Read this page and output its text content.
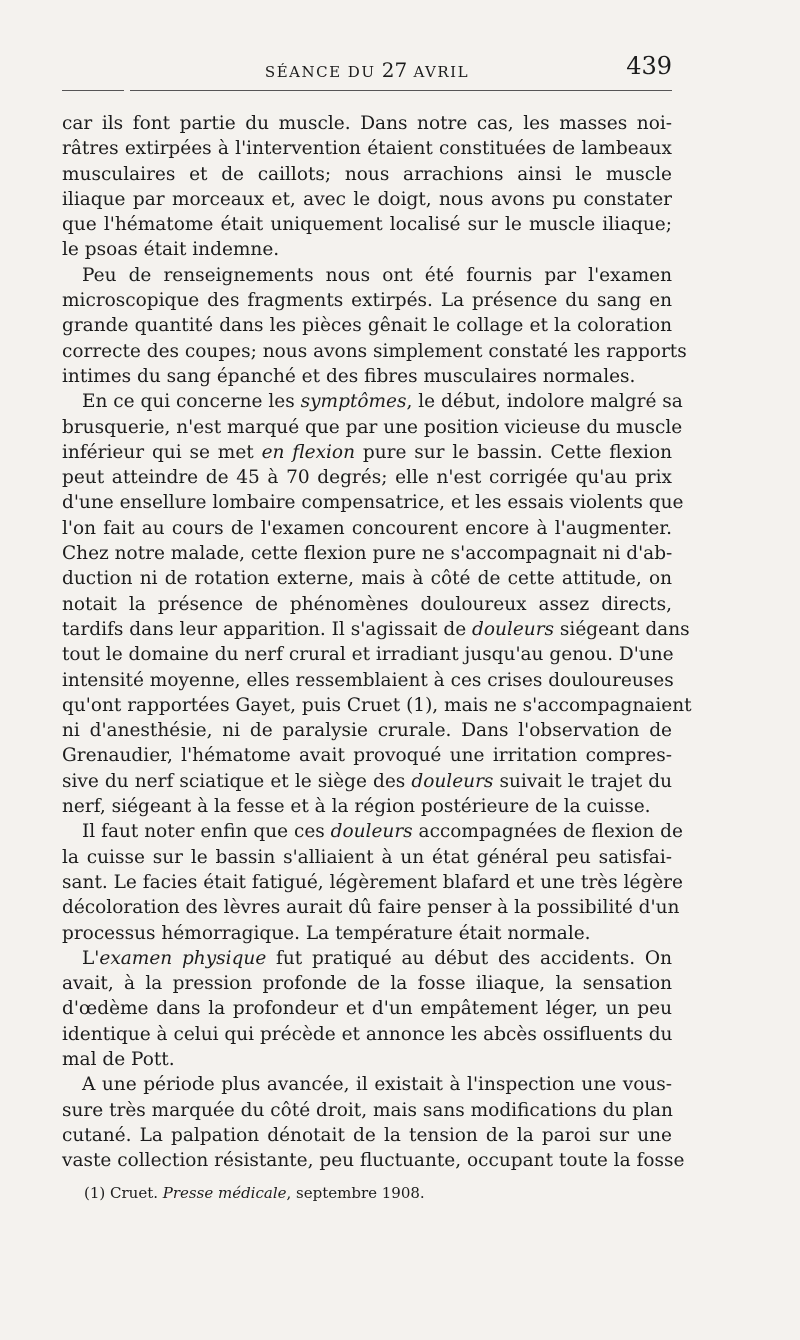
SÉANCE DU 27 AVRIL	439
car ils font partie du muscle. Dans notre cas, les masses noi-
râtres extirpées à l'intervention étaient constituées de lambeaux
musculaires et de caillots; nous arrachions ainsi le muscle
iliaque par morceaux et, avec le doigt, nous avons pu constater
que l'hématome était uniquement localisé sur le muscle iliaque;
le psoas était indemne.
Peu de renseignements nous ont été fournis par l'examen
microscopique des fragments extirpés. La présence du sang en
grande quantité dans les pièces gênait le collage et la coloration
correcte des coupes; nous avons simplement constaté les rapports
intimes du sang épanché et des fibres musculaires normales.
En ce qui concerne les symptômes, le début, indolore malgré sa
brusquerie, n'est marqué que par une position vicieuse du muscle
inférieur qui se met en flexion pure sur le bassin. Cette flexion
peut atteindre de 45 à 70 degrés; elle n'est corrigée qu'au prix
d'une ensellure lombaire compensatrice, et les essais violents que
l'on fait au cours de l'examen concourent encore à l'augmenter.
Chez notre malade, cette flexion pure ne s'accompagnait ni d'ab-
duction ni de rotation externe, mais à côté de cette attitude, on
notait la présence de phénomènes douloureux assez directs,
tardifs dans leur apparition. Il s'agissait de douleurs siégeant dans
tout le domaine du nerf crural et irradiant jusqu'au genou. D'une
intensité moyenne, elles ressemblaient à ces crises douloureuses
qu'ont rapportées Gayet, puis Cruet (1), mais ne s'accompagnaient
ni d'anesthésie, ni de paralysie crurale. Dans l'observation de
Grenaudier, l'hématome avait provoqué une irritation compres-
sive du nerf sciatique et le siège des douleurs suivait le trajet du
nerf, siégeant à la fesse et à la région postérieure de la cuisse.
Il faut noter enfin que ces douleurs accompagnées de flexion de
la cuisse sur le bassin s'alliaient à un état général peu satisfai-
sant. Le facies était fatigué, légèrement blafard et une très légère
décoloration des lèvres aurait dû faire penser à la possibilité d'un
processus hémorragique. La température était normale.
L'examen physique fut pratiqué au début des accidents. On
avait, à la pression profonde de la fosse iliaque, la sensation
d'œdème dans la profondeur et d'un empâtement léger, un peu
identique à celui qui précède et annonce les abcès ossifluents du
mal de Pott.
A une période plus avancée, il existait à l'inspection une vous-
sure très marquée du côté droit, mais sans modifications du plan
cutané. La palpation dénotait de la tension de la paroi sur une
vaste collection résistante, peu fluctuante, occupant toute la fosse
(1) Cruet. Presse médicale, septembre 1908.
